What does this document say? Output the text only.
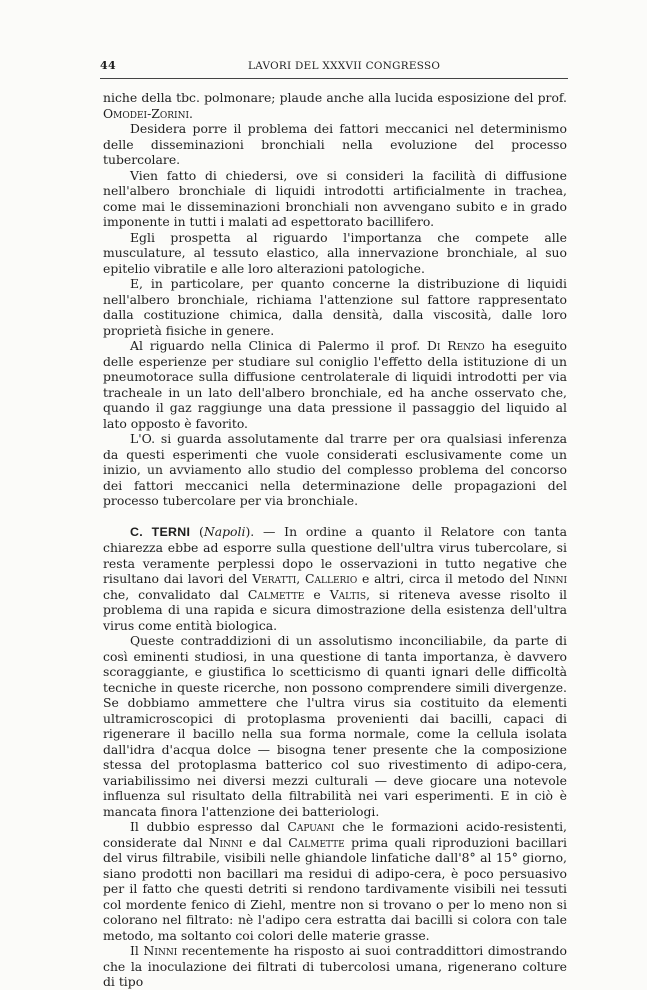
44	LAVORI DEL XXXVII CONGRESSO

niche della tbc. polmonare; plaude anche alla lucida esposizione del prof. Omodei-Zorini.

Desidera porre il problema dei fattori meccanici nel determinismo delle disseminazioni bronchiali nella evoluzione del processo tubercolare.

Vien fatto di chiedersi, ove si consideri la facilità di diffusione nell'albero bronchiale di liquidi introdotti artificialmente in trachea, come mai le disseminazioni bronchiali non avvengano subito e in grado imponente in tutti i malati ad espettorato bacillifero.

Egli prospetta al riguardo l'importanza che compete alle musculature, al tessuto elastico, alla innervazione bronchiale, al suo epitelio vibratile e alle loro alterazioni patologiche.

E, in particolare, per quanto concerne la distribuzione di liquidi nell'albero bronchiale, richiama l'attenzione sul fattore rappresentato dalla costituzione chimica, dalla densità, dalla viscosità, dalle loro proprietà fisiche in genere.

Al riguardo nella Clinica di Palermo il prof. Di Renzo ha eseguito delle esperienze per studiare sul coniglio l'effetto della istituzione di un pneumotorace sulla diffusione centrolaterale di liquidi introdotti per via tracheale in un lato dell'albero bronchiale, ed ha anche osservato che, quando il gaz raggiunge una data pressione il passaggio del liquido al lato opposto è favorito.

L'O. si guarda assolutamente dal trarre per ora qualsiasi inferenza da questi esperimenti che vuole considerati esclusivamente come un inizio, un avviamento allo studio del complesso problema del concorso dei fattori meccanici nella determinazione delle propagazioni del processo tubercolare per via bronchiale.

C. TERNI (Napoli). — In ordine a quanto il Relatore con tanta chiarezza ebbe ad esporre sulla questione dell'ultra virus tubercolare, si resta veramente perplessi dopo le osservazioni in tutto negative che risultano dai lavori del Veratti, Callerio e altri, circa il metodo del Ninni che, convalidato dal Calmette e Valtis, si riteneva avesse risolto il problema di una rapida e sicura dimostrazione della esistenza dell'ultra virus come entità biologica.

Queste contraddizioni di un assolutismo inconciliabile, da parte di così eminenti studiosi, in una questione di tanta importanza, è davvero scoraggiante, e giustifica lo scetticismo di quanti ignari delle difficoltà tecniche in queste ricerche, non possono comprendere simili divergenze. Se dobbiamo ammettere che l'ultra virus sia costituito da elementi ultramicroscopici di protoplasma provenienti dai bacilli, capaci di rigenerare il bacillo nella sua forma normale, come la cellula isolata dall'idra d'acqua dolce — bisogna tener presente che la composizione stessa del protoplasma batterico col suo rivestimento di adipo-cera, variabilissimo nei diversi mezzi culturali — deve giocare una notevole influenza sul risultato della filtrabilità nei vari esperimenti. E in ciò è mancata finora l'attenzione dei batteriologi.

Il dubbio espresso dal Capuani che le formazioni acido-resistenti, considerate dal Ninni e dal Calmette prima quali riproduzioni bacillari del virus filtrabile, visibili nelle ghiandole linfatiche dall'8° al 15° giorno, siano prodotti non bacillari ma residui di adipo-cera, è poco persuasivo per il fatto che questi detriti si rendono tardivamente visibili nei tessuti col mordente fenico di Ziehl, mentre non si trovano o per lo meno non si colorano nel filtrato: nè l'adipo cera estratta dai bacilli si colora con tale metodo, ma soltanto coi colori delle materie grasse.

Il Ninni recentemente ha risposto ai suoi contraddittori dimostrando che la inoculazione dei filtrati di tubercolosi umana, rigenerano colture di tipo
